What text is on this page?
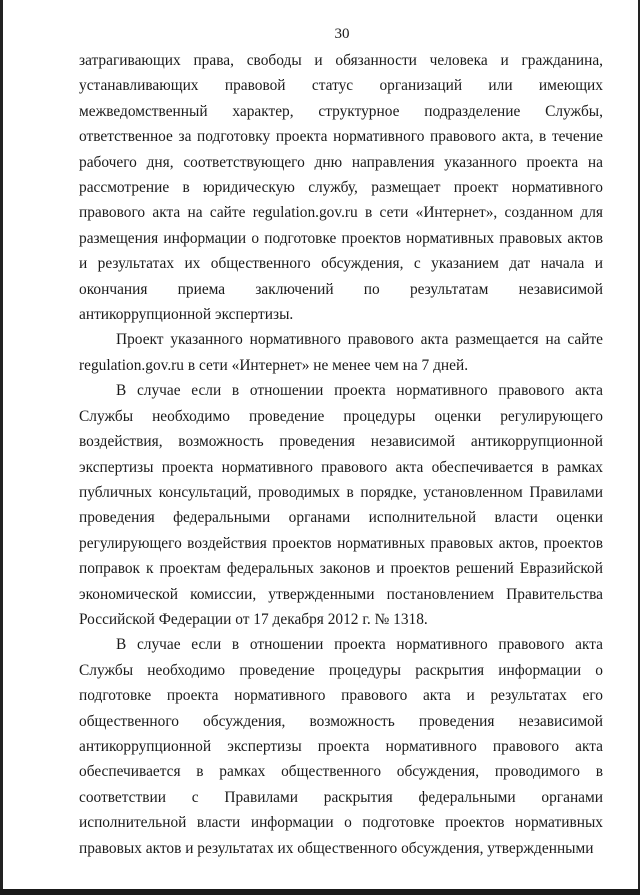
30

затрагивающих права, свободы и обязанности человека и гражданина, устанавливающих правовой статус организаций или имеющих межведомственный характер, структурное подразделение Службы, ответственное за подготовку проекта нормативного правового акта, в течение рабочего дня, соответствующего дню направления указанного проекта на рассмотрение в юридическую службу, размещает проект нормативного правового акта на сайте regulation.gov.ru в сети «Интернет», созданном для размещения информации о подготовке проектов нормативных правовых актов и результатах их общественного обсуждения, с указанием дат начала и окончания приема заключений по результатам независимой антикоррупционной экспертизы.

Проект указанного нормативного правового акта размещается на сайте regulation.gov.ru в сети «Интернет» не менее чем на 7 дней.

В случае если в отношении проекта нормативного правового акта Службы необходимо проведение процедуры оценки регулирующего воздействия, возможность проведения независимой антикоррупционной экспертизы проекта нормативного правового акта обеспечивается в рамках публичных консультаций, проводимых в порядке, установленном Правилами проведения федеральными органами исполнительной власти оценки регулирующего воздействия проектов нормативных правовых актов, проектов поправок к проектам федеральных законов и проектов решений Евразийской экономической комиссии, утвержденными постановлением Правительства Российской Федерации от 17 декабря 2012 г. № 1318.

В случае если в отношении проекта нормативного правового акта Службы необходимо проведение процедуры раскрытия информации о подготовке проекта нормативного правового акта и результатах его общественного обсуждения, возможность проведения независимой антикоррупционной экспертизы проекта нормативного правового акта обеспечивается в рамках общественного обсуждения, проводимого в соответствии с Правилами раскрытия федеральными органами исполнительной власти информации о подготовке проектов нормативных правовых актов и результатах их общественного обсуждения, утвержденными
